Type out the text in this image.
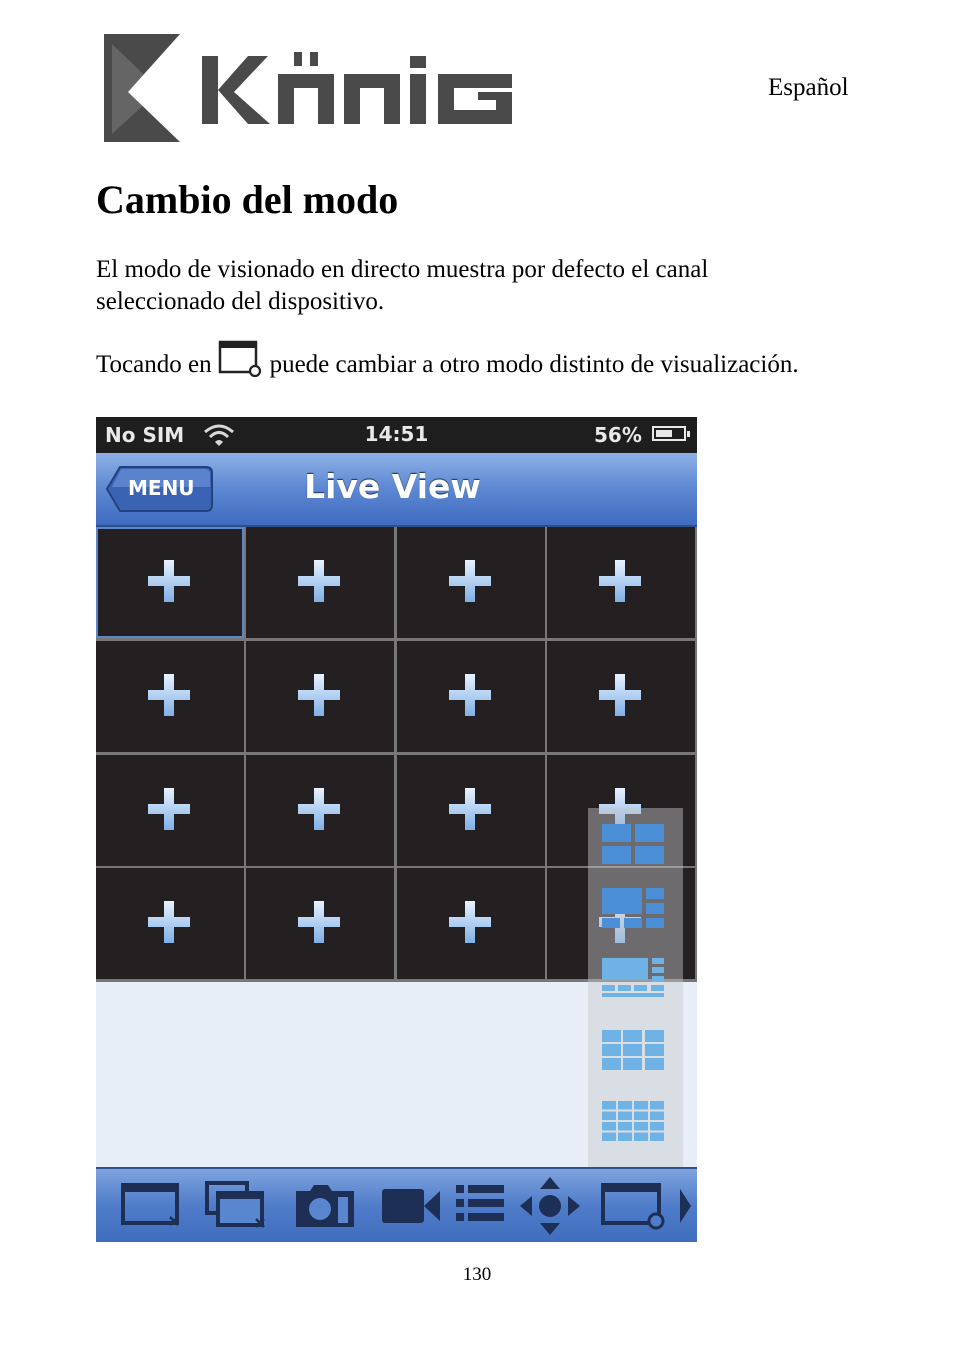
Español
Cambio del modo

El modo de visionado en directo muestra por defecto el canal seleccionado del dispositivo.

Tocando en puede cambiar a otro modo distinto de visualización.

No SIM	14:51	56%
MENU	Live View
130
